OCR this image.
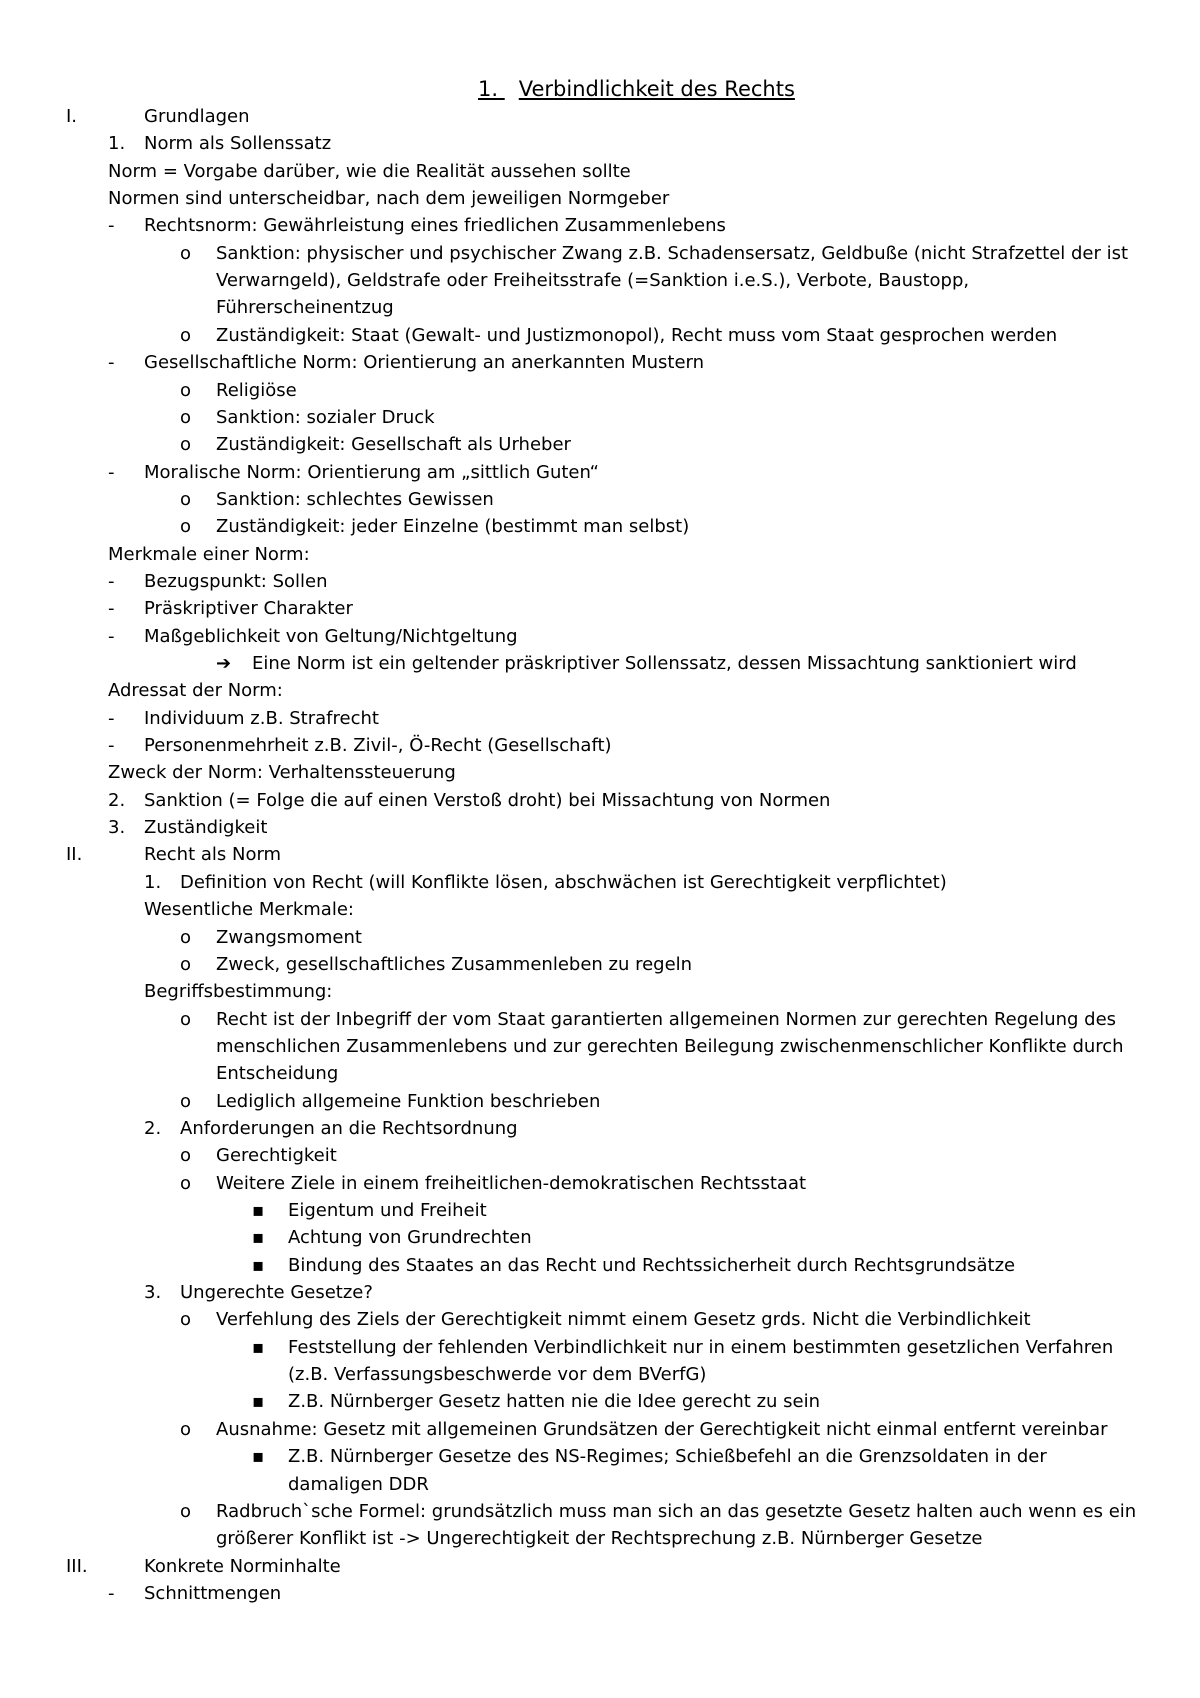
1. Verbindlichkeit des Rechts
I.	Grundlagen
1. Norm als Sollenssatz
Norm = Vorgabe darüber, wie die Realität aussehen sollte
Normen sind unterscheidbar, nach dem jeweiligen Normgeber
- Rechtsnorm: Gewährleistung eines friedlichen Zusammenlebens
o Sanktion: physischer und psychischer Zwang z.B. Schadensersatz, Geldbuße (nicht Strafzettel der ist
Verwarngeld), Geldstrafe oder Freiheitsstrafe (=Sanktion i.e.S.), Verbote, Baustopp,
Führerscheinentzug
o Zuständigkeit: Staat (Gewalt- und Justizmonopol), Recht muss vom Staat gesprochen werden
- Gesellschaftliche Norm: Orientierung an anerkannten Mustern
o Religiöse
o Sanktion: sozialer Druck
o Zuständigkeit: Gesellschaft als Urheber
- Moralische Norm: Orientierung am „sittlich Guten“
o Sanktion: schlechtes Gewissen
o Zuständigkeit: jeder Einzelne (bestimmt man selbst)
Merkmale einer Norm:
- Bezugspunkt: Sollen
- Präskriptiver Charakter
- Maßgeblichkeit von Geltung/Nichtgeltung
➔ Eine Norm ist ein geltender präskriptiver Sollenssatz, dessen Missachtung sanktioniert wird
Adressat der Norm:
- Individuum z.B. Strafrecht
- Personenmehrheit z.B. Zivil-, Ö-Recht (Gesellschaft)
Zweck der Norm: Verhaltenssteuerung
2. Sanktion (= Folge die auf einen Verstoß droht) bei Missachtung von Normen
3. Zuständigkeit
II.	Recht als Norm
1. Definition von Recht (will Konflikte lösen, abschwächen ist Gerechtigkeit verpflichtet)
Wesentliche Merkmale:
o Zwangsmoment
o Zweck, gesellschaftliches Zusammenleben zu regeln
Begriffsbestimmung:
o Recht ist der Inbegriff der vom Staat garantierten allgemeinen Normen zur gerechten Regelung des
menschlichen Zusammenlebens und zur gerechten Beilegung zwischenmenschlicher Konflikte durch
Entscheidung
o Lediglich allgemeine Funktion beschrieben
2. Anforderungen an die Rechtsordnung
o Gerechtigkeit
o Weitere Ziele in einem freiheitlichen-demokratischen Rechtsstaat
▪ Eigentum und Freiheit
▪ Achtung von Grundrechten
▪ Bindung des Staates an das Recht und Rechtssicherheit durch Rechtsgrundsätze
3. Ungerechte Gesetze?
o Verfehlung des Ziels der Gerechtigkeit nimmt einem Gesetz grds. Nicht die Verbindlichkeit
▪ Feststellung der fehlenden Verbindlichkeit nur in einem bestimmten gesetzlichen Verfahren
(z.B. Verfassungsbeschwerde vor dem BVerfG)
▪ Z.B. Nürnberger Gesetz hatten nie die Idee gerecht zu sein
o Ausnahme: Gesetz mit allgemeinen Grundsätzen der Gerechtigkeit nicht einmal entfernt vereinbar
▪ Z.B. Nürnberger Gesetze des NS-Regimes; Schießbefehl an die Grenzsoldaten in der
damaligen DDR
o Radbruch`sche Formel: grundsätzlich muss man sich an das gesetzte Gesetz halten auch wenn es ein
größerer Konflikt ist -> Ungerechtigkeit der Rechtsprechung z.B. Nürnberger Gesetze
III.	Konkrete Norminhalte
- Schnittmengen
